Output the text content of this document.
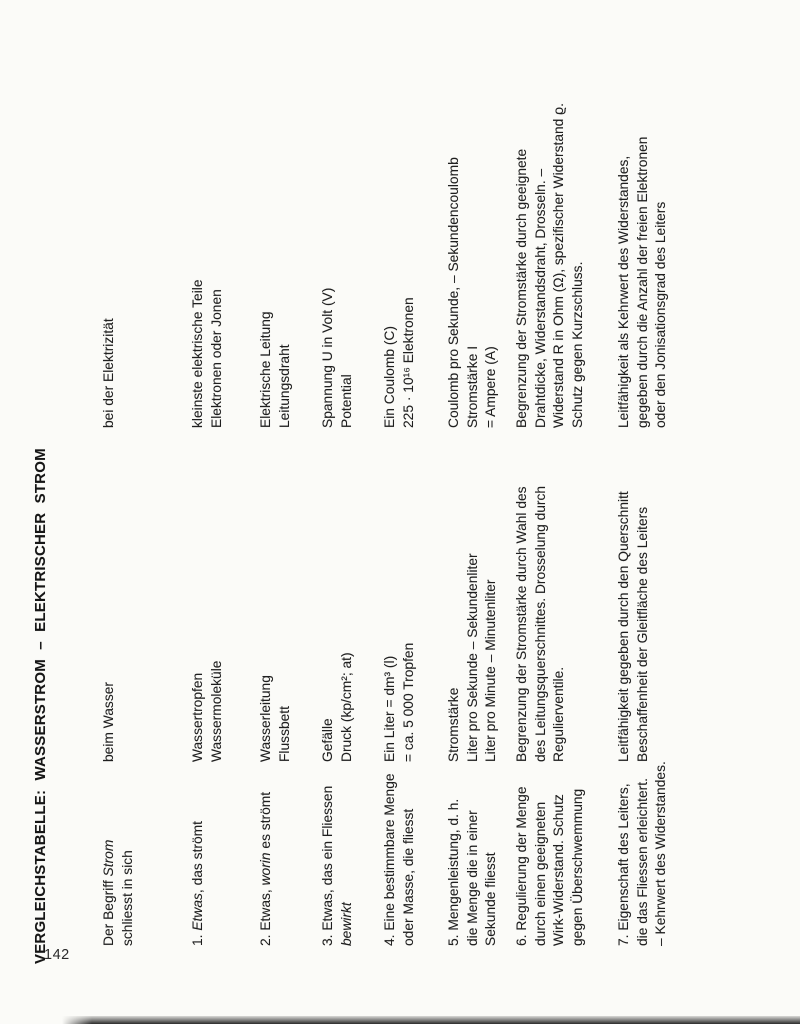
VERGLEICHSTABELLE: WASSERSTROM – ELEKTRISCHER STROM	Der Begriff Strom schliesst in sich
beim Wasser
bei der Elektrizität
1. Etwas, das strömt
Wassertropfen Wassermoleküle
kleinste elektrische Teile Elektronen oder Jonen
2. Etwas, worin es strömt
Wasserleitung Flussbett
Elektrische Leitung Leitungsdraht
3. Etwas, das ein Fliessen bewirkt
Gefälle Druck (kp/cm²; at)
Spannung U in Volt (V) Potential
4. Eine bestimmbare Menge oder Masse, die fliesst
Ein Liter = dm³ (l) = ca. 5 000 Tropfen
Ein Coulomb (C) 225 · 10¹⁶ Elektronen
5. Mengenleistung, d. h. die Menge die in einer Sekunde fliesst
Stromstärke Liter pro Sekunde – Sekundenliter Liter pro Minute – Minutenliter
Coulomb pro Sekunde, – Sekundencoulomb Stromstärke I = Ampere (A)
6. Regulierung der Menge durch einen geeigneten Wirk-Widerstand. Schutz gegen Überschwemmung
Begrenzung der Stromstärke durch Wahl des des Leitungsquerschnittes. Drosselung durch Regulierventile.
Begrenzung der Stromstärke durch geeignete Drahtdicke, Widerstandsdraht, Drosseln. – Widerstand R in Ohm (Ω), spezifischer Widerstand ϱ. Schutz gegen Kurzschluss.
7. Eigenschaft des Leiters, die das Fliessen erleichtert. – Kehrwert des Widerstandes.
Leitfähigkeit gegeben durch den Querschnitt Beschaffenheit der Gleitfläche des Leiters
Leitfähigkeit als Kehrwert des Widerstandes, gegeben durch die Anzahl der freien Elektronen oder den Jonisationsgrad des Leiters
142
